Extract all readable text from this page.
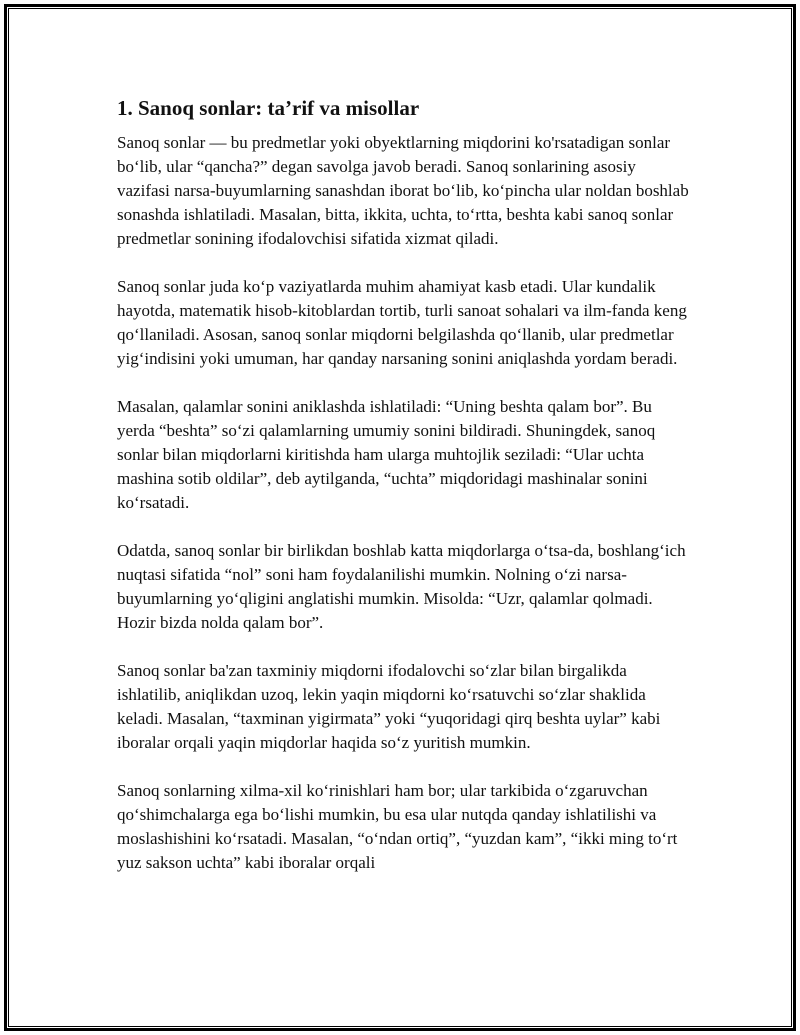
1. Sanoq sonlar: ta’rif va misollar

Sanoq sonlar — bu predmetlar yoki obyektlarning miqdorini ko'rsatadigan sonlar bo‘lib, ular “qancha?” degan savolga javob beradi. Sanoq sonlarining asosiy vazifasi narsa-buyumlarning sanashdan iborat bo‘lib, ko‘pincha ular noldan boshlab sonashda ishlatiladi. Masalan, bitta, ikkita, uchta, to‘rtta, beshta kabi sanoq sonlar predmetlar sonining ifodalovchisi sifatida xizmat qiladi.

Sanoq sonlar juda ko‘p vaziyatlarda muhim ahamiyat kasb etadi. Ular kundalik hayotda, matematik hisob-kitoblardan tortib, turli sanoat sohalari va ilm-fanda keng qo‘llaniladi. Asosan, sanoq sonlar miqdorni belgilashda qo‘llanib, ular predmetlar yig‘indisini yoki umuman, har qanday narsaning sonini aniqlashda yordam beradi.

Masalan, qalamlar sonini aniklashda ishlatiladi: “Uning beshta qalam bor”. Bu yerda “beshta” so‘zi qalamlarning umumiy sonini bildiradi. Shuningdek, sanoq sonlar bilan miqdorlarni kiritishda ham ularga muhtojlik seziladi: “Ular uchta mashina sotib oldilar”, deb aytilganda, “uchta” miqdoridagi mashinalar sonini ko‘rsatadi.

Odatda, sanoq sonlar bir birlikdan boshlab katta miqdorlarga o‘tsa-da, boshlang‘ich nuqtasi sifatida “nol” soni ham foydalanilishi mumkin. Nolning o‘zi narsa-buyumlarning yo‘qligini anglatishi mumkin. Misolda: “Uzr, qalamlar qolmadi. Hozir bizda nolda qalam bor”.

Sanoq sonlar ba'zan taxminiy miqdorni ifodalovchi so‘zlar bilan birgalikda ishlatilib, aniqlikdan uzoq, lekin yaqin miqdorni ko‘rsatuvchi so‘zlar shaklida keladi. Masalan, “taxminan yigirmata” yoki “yuqoridagi qirq beshta uylar” kabi iboralar orqali yaqin miqdorlar haqida so‘z yuritish mumkin.

Sanoq sonlarning xilma-xil ko‘rinishlari ham bor; ular tarkibida o‘zgaruvchan qo‘shimchalarga ega bo‘lishi mumkin, bu esa ular nutqda qanday ishlatilishi va moslashishini ko‘rsatadi. Masalan, “o‘ndan ortiq”, “yuzdan kam”, “ikki ming to‘rt yuz sakson uchta” kabi iboralar orqali
